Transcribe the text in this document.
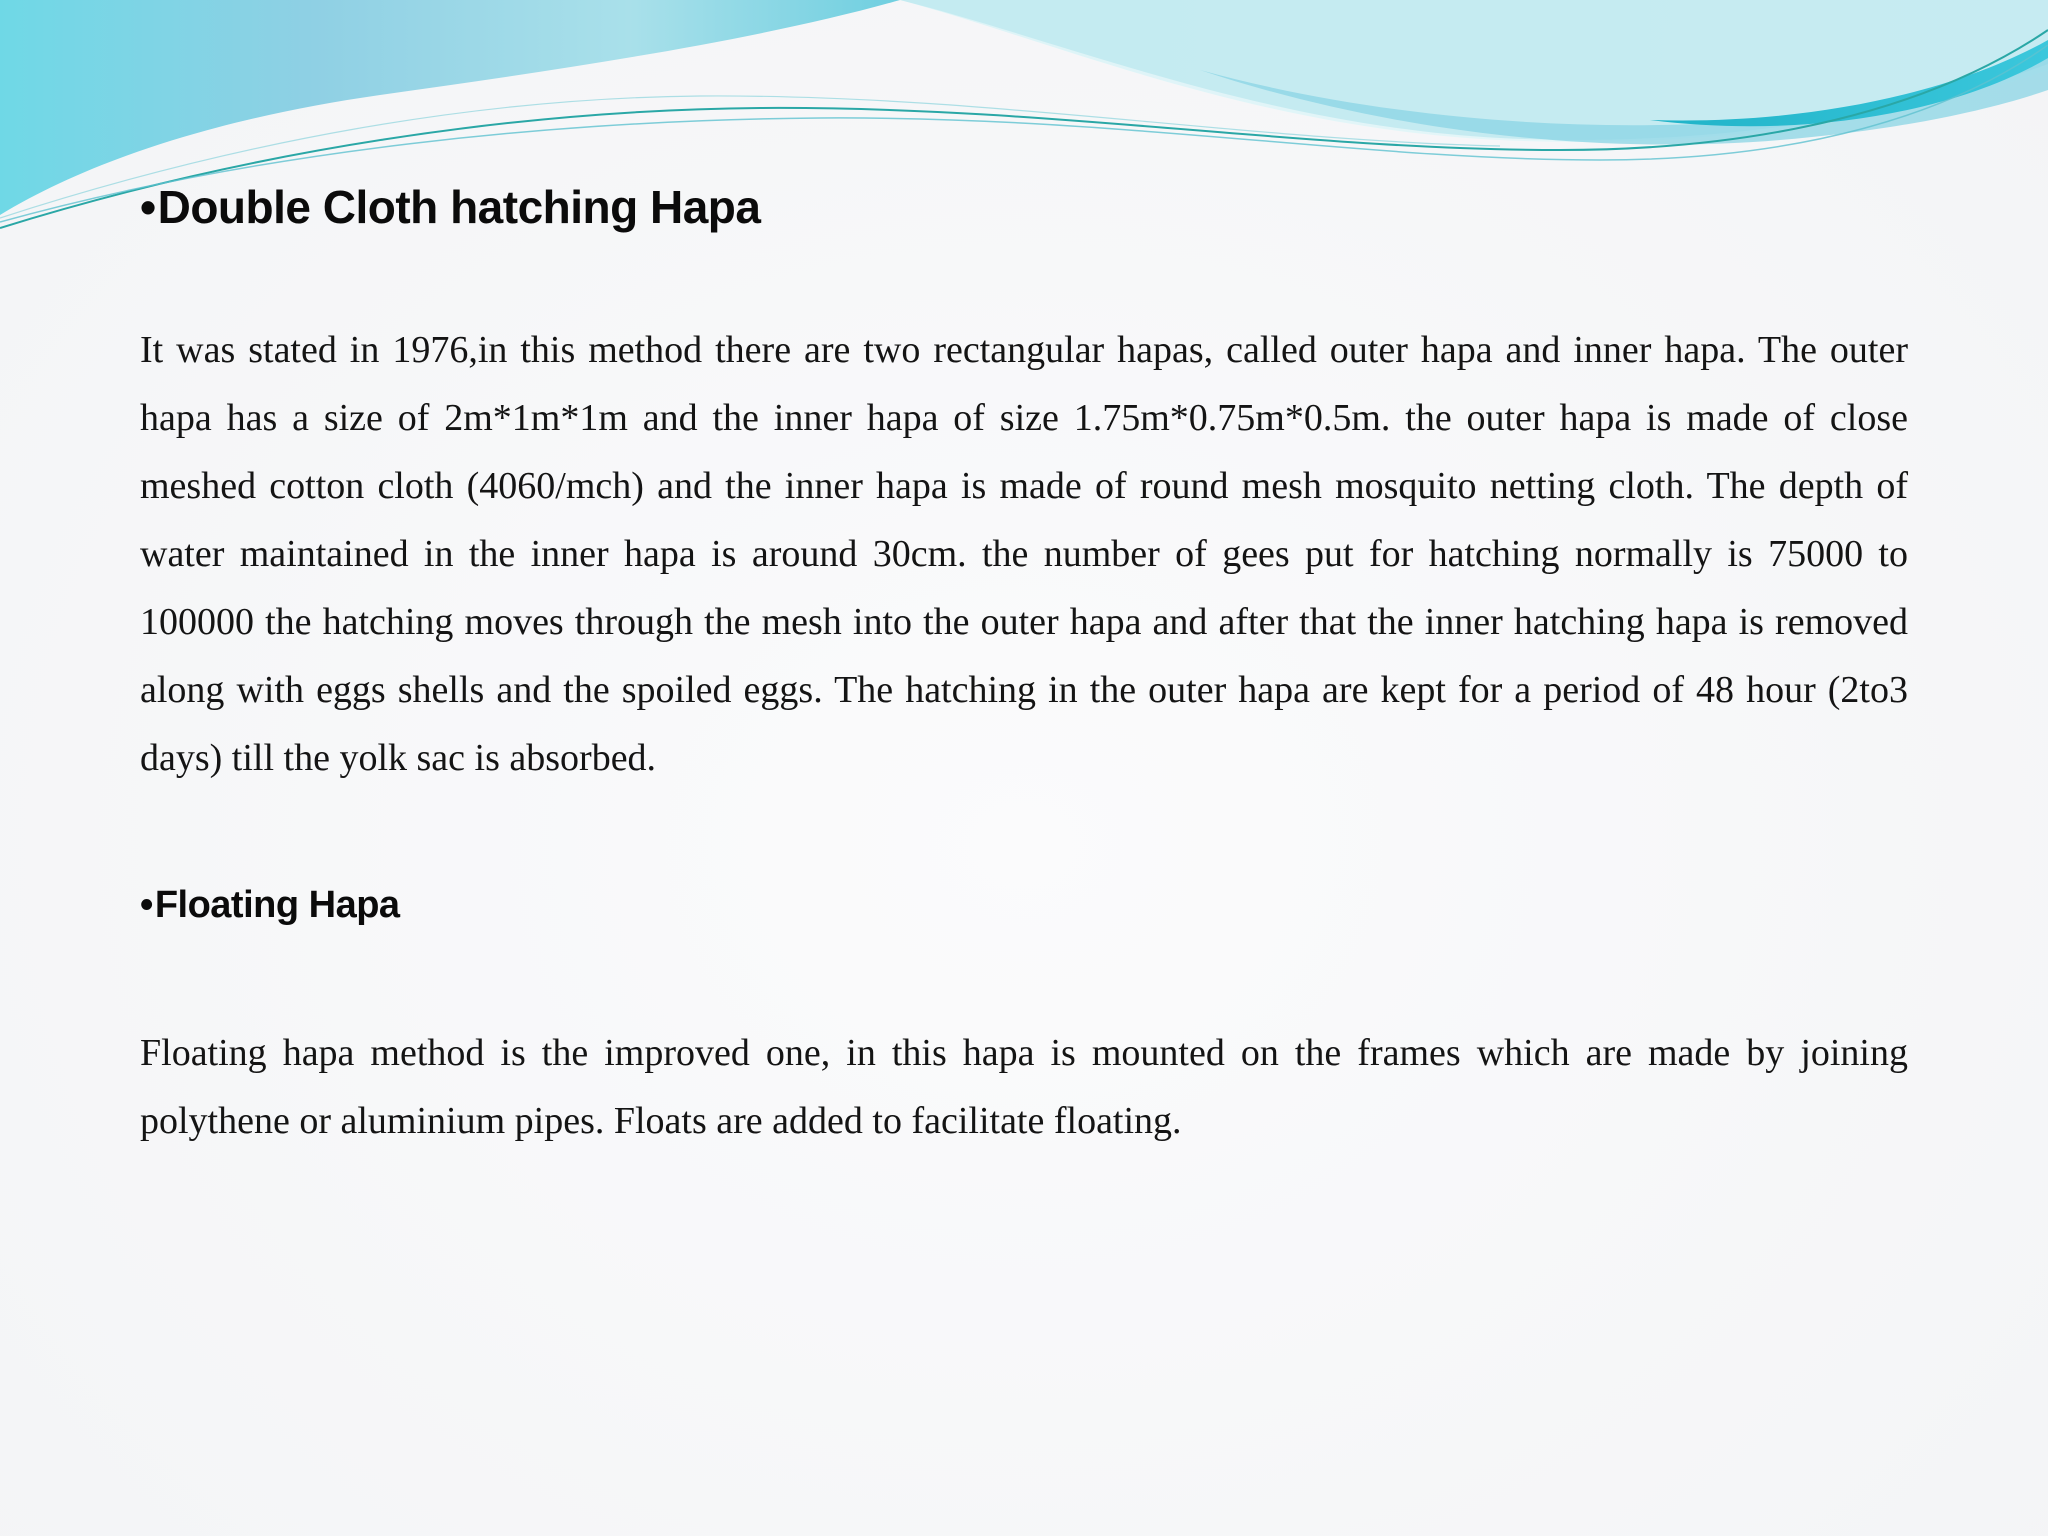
• Double Cloth hatching Hapa

It was stated in 1976,in this method there are two rectangular hapas, called outer hapa and inner hapa. The outer hapa has a size of 2m*1m*1m and the inner hapa of size 1.75m*0.75m*0.5m. the outer hapa is made of close meshed cotton cloth (4060/mch) and the inner hapa is made of round mesh mosquito netting cloth. The depth of water maintained in the inner hapa is around 30cm. the number of gees put for hatching normally is 75000 to 100000 the hatching moves through the mesh into the outer hapa and after that the inner hatching hapa is removed along with eggs shells and the spoiled eggs. The hatching in the outer hapa are kept for a period of 48 hour (2to3 days) till the yolk sac is absorbed.

• Floating Hapa

Floating hapa method is the improved one, in this hapa is mounted on the frames which are made by joining polythene or aluminium pipes. Floats are added to facilitate floating.
